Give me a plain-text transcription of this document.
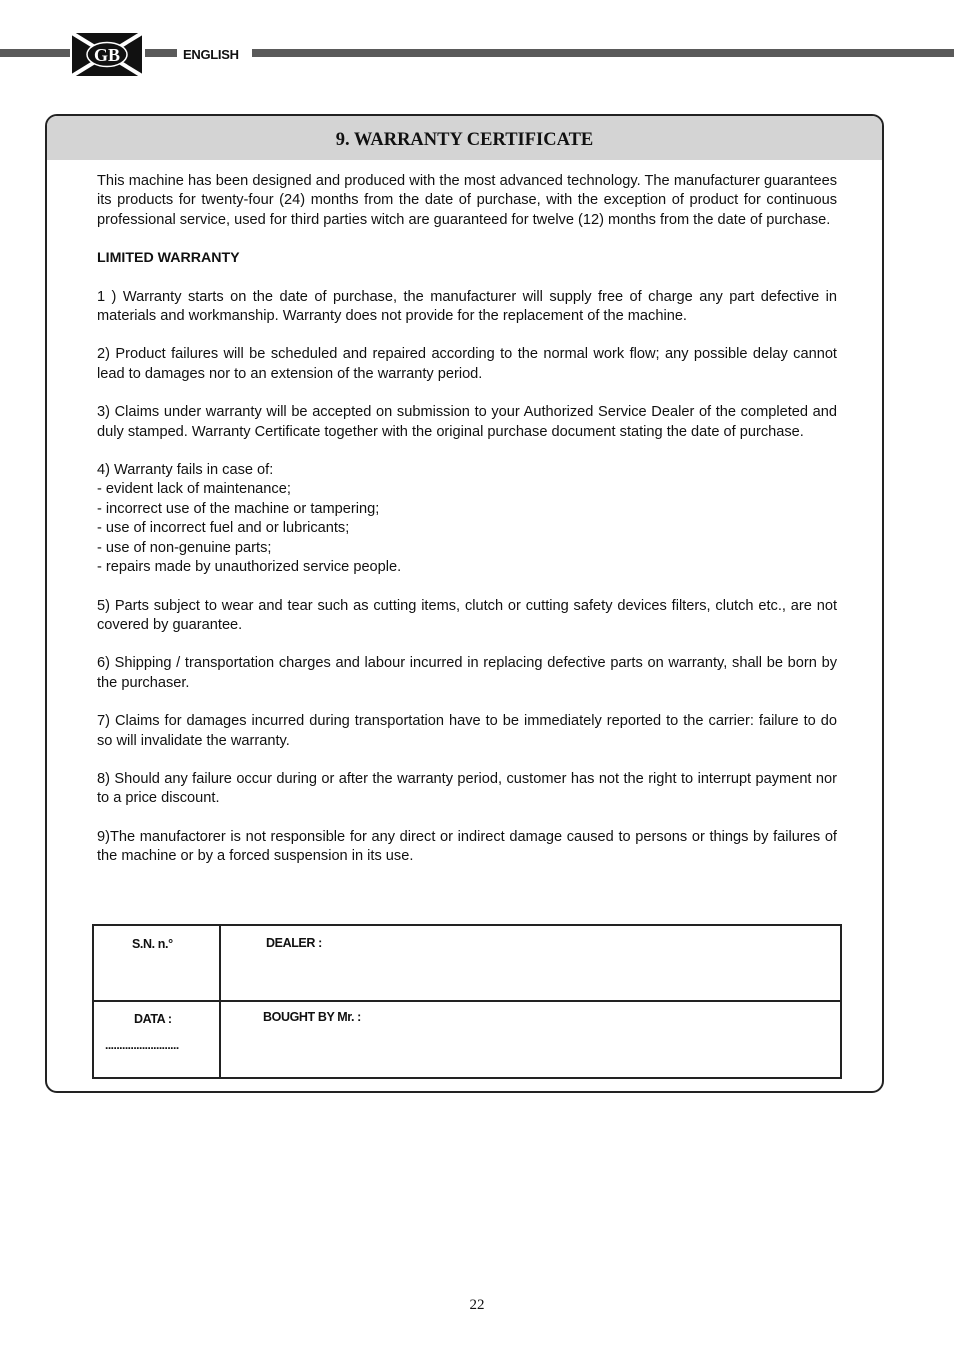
GB	ENGLISH
9. WARRANTY CERTIFICATE

This machine has been designed and produced with the most advanced technology. The manufacturer guarantees its products for twenty-four (24) months from the date of purchase, with the exception of product for continuous professional service, used for third parties witch are guaranteed for twelve (12) months from the date of purchase.

LIMITED WARRANTY

1 ) Warranty starts on the date of purchase, the manufacturer will supply free of charge any part defective in materials and workmanship. Warranty does not provide for the replacement of the machine.

2) Product failures will be scheduled and repaired according to the normal work flow; any possible delay cannot lead to damages nor to an extension of the warranty period.

3) Claims under warranty will be accepted on submission to your Authorized Service Dealer of the completed and duly stamped. Warranty Certificate together with the original purchase document stating the date of purchase.

4) Warranty fails in case of:
- evident lack of maintenance;
- incorrect use of the machine or tampering;
- use of incorrect fuel and or lubricants;
- use of non-genuine parts;
- repairs made by unauthorized service people.

5) Parts subject to wear and tear such as cutting items, clutch or cutting safety devices filters, clutch etc., are not covered by guarantee.

6) Shipping / transportation charges and labour incurred in replacing defective parts on warranty, shall be born by the purchaser.

7) Claims for damages incurred during transportation have to be immediately reported to the carrier: failure to do so will invalidate the warranty.

8) Should any failure occur during or after the warranty period, customer has not the right to interrupt payment nor to a price discount.

9)The manufactorer is not responsible for any direct or indirect damage caused to persons or things by failures of the machine or by a forced suspension in its use.

S.N. n.°	DEALER :
DATA :
..........................
BOUGHT BY Mr. :
22
